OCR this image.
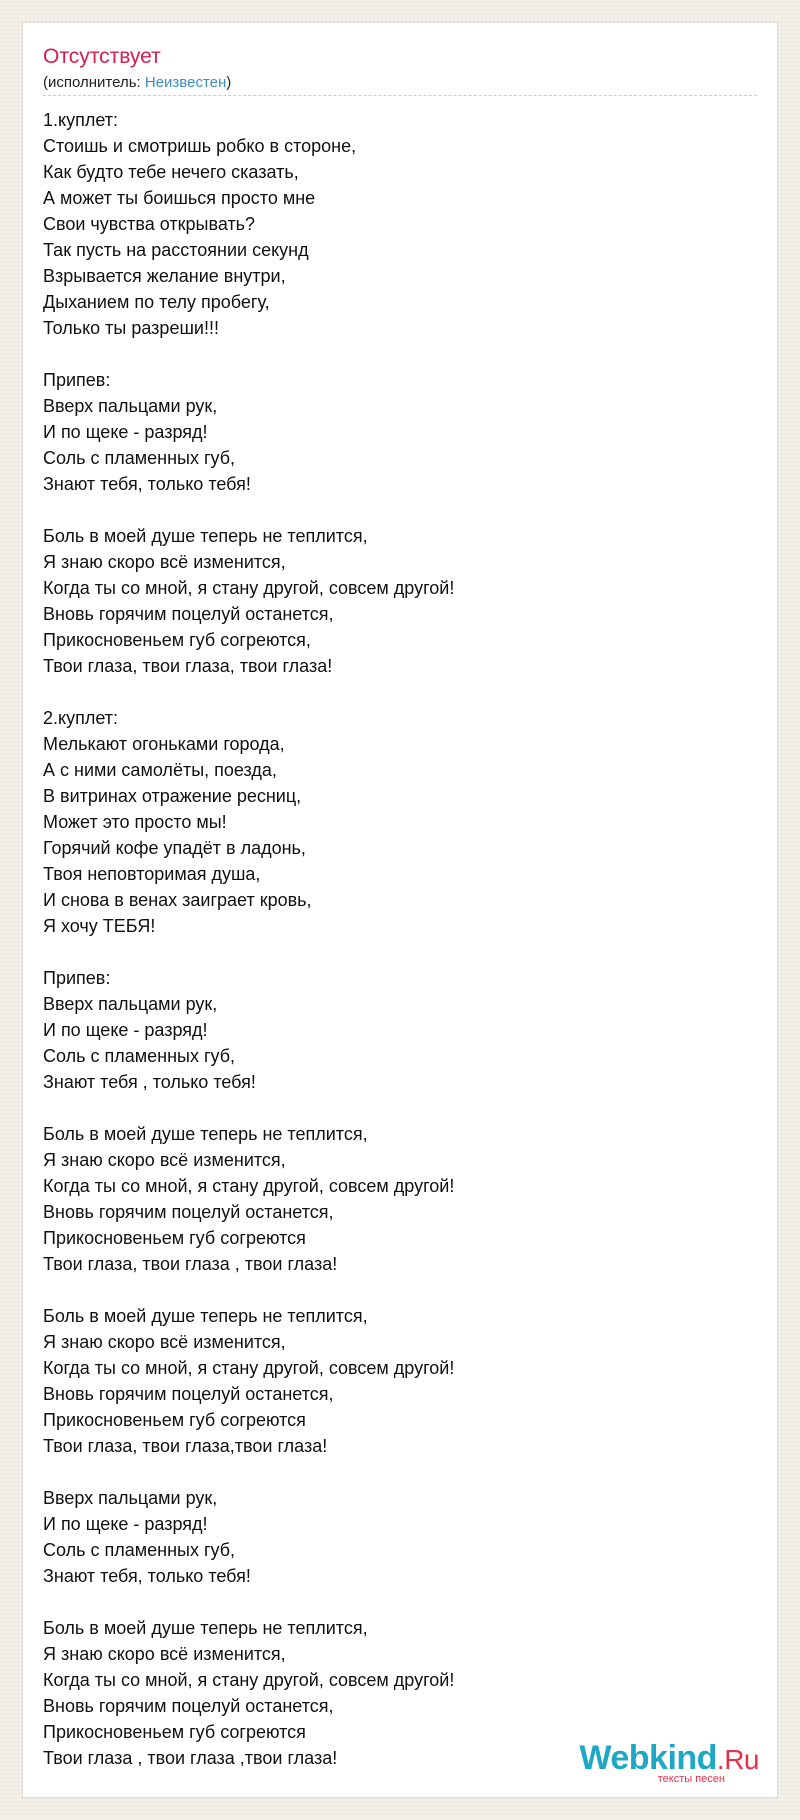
Отсутствует
(исполнитель: Неизвестен)
1.куплет:
Стоишь и смотришь робко в стороне,
Как будто тебе нечего сказать,
А может ты боишься просто мне
Свои чувства открывать?
Так пусть на расстоянии секунд
Взрывается желание внутри,
Дыханием по телу пробегу,
Только ты разреши!!!
Припев:
Вверх пальцами рук,
И по щеке - разряд!
Соль с пламенных губ,
Знают тебя, только тебя!
Боль в моей душе теперь не теплится,
Я знаю скоро всё изменится,
Когда ты со мной, я стану другой, совсем другой!
Вновь горячим поцелуй останется,
Прикосновеньем губ согреются,
Твои глаза, твои глаза, твои глаза!
2.куплет:
Мелькают огоньками города,
А с ними самолёты, поезда,
В витринах отражение ресниц,
Может это просто мы!
Горячий кофе упадёт в ладонь,
Твоя неповторимая душа,
И снова в венах заиграет кровь,
Я хочу ТЕБЯ!
Припев:
Вверх пальцами рук,
И по щеке - разряд!
Соль с пламенных губ,
Знают тебя , только тебя!
Боль в моей душе теперь не теплится,
Я знаю скоро всё изменится,
Когда ты со мной, я стану другой, совсем другой!
Вновь горячим поцелуй останется,
Прикосновеньем губ согреются
Твои глаза, твои глаза , твои глаза!
Боль в моей душе теперь не теплится,
Я знаю скоро всё изменится,
Когда ты со мной, я стану другой, совсем другой!
Вновь горячим поцелуй останется,
Прикосновеньем губ согреются
Твои глаза, твои глаза,твои глаза!
Вверх пальцами рук,
И по щеке - разряд!
Соль с пламенных губ,
Знают тебя, только тебя!
Боль в моей душе теперь не теплится,
Я знаю скоро всё изменится,
Когда ты со мной, я стану другой, совсем другой!
Вновь горячим поцелуй останется,
Прикосновеньем губ согреются
Твои глаза , твои глаза ,твои глаза!	Webkind.Ru
тексты песен
